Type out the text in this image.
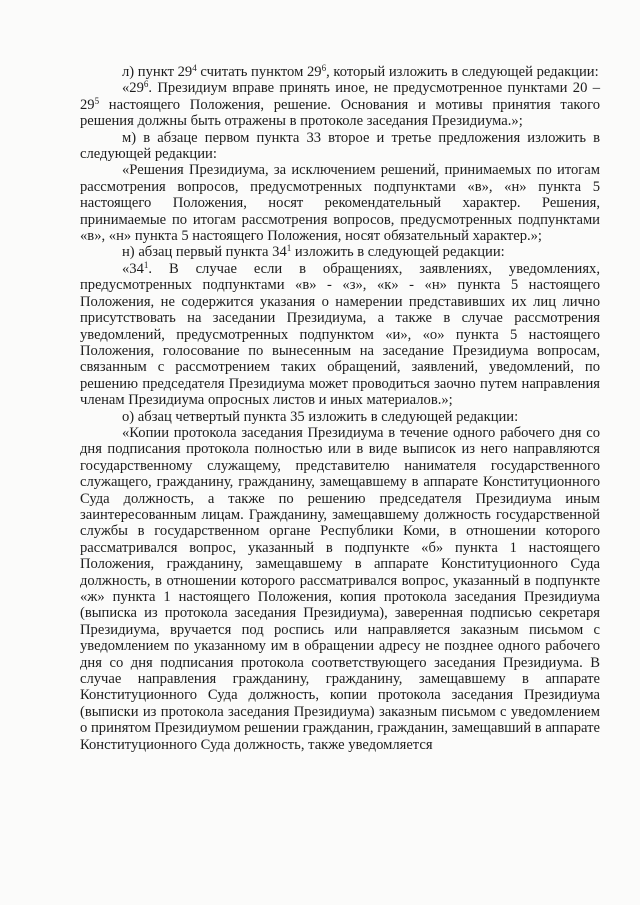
л) пункт $29^4$ считать пунктом $29^6$, который изложить в следующей редакции:

«$29^6$. Президиум вправе принять иное, не предусмотренное пунктами $20 - 29^5$ настоящего Положения, решение. Основания и мотивы принятия такого решения должны быть отражены в протоколе заседания Президиума.»;

м) в абзаце первом пункта 33 второе и третье предложения изложить в следующей редакции:

«Решения Президиума, за исключением решений, принимаемых по итогам рассмотрения вопросов, предусмотренных подпунктами «в», «н» пункта 5 настоящего Положения, носят рекомендательный характер. Решения, принимаемые по итогам рассмотрения вопросов, предусмотренных подпунктами «в», «н» пункта 5 настоящего Положения, носят обязательный характер.»;

н) абзац первый пункта $34^1$ изложить в следующей редакции:

«$34^1$. В случае если в обращениях, заявлениях, уведомлениях, предусмотренных подпунктами «в» - «з», «к» - «н» пункта 5 настоящего Положения, не содержится указания о намерении представивших их лиц лично присутствовать на заседании Президиума, а также в случае рассмотрения уведомлений, предусмотренных подпунктом «и», «о» пункта 5 настоящего Положения, голосование по вынесенным на заседание Президиума вопросам, связанным с рассмотрением таких обращений, заявлений, уведомлений, по решению председателя Президиума может проводиться заочно путем направления членам Президиума опросных листов и иных материалов.»;

о) абзац четвертый пункта 35 изложить в следующей редакции:

«Копии протокола заседания Президиума в течение одного рабочего дня со дня подписания протокола полностью или в виде выписок из него направляются государственному служащему, представителю нанимателя государственного служащего, гражданину, гражданину, замещавшему в аппарате Конституционного Суда должность, а также по решению председателя Президиума иным заинтересованным лицам. Гражданину, замещавшему должность государственной службы в государственном органе Республики Коми, в отношении которого рассматривался вопрос, указанный в подпункте «б» пункта 1 настоящего Положения, гражданину, замещавшему в аппарате Конституционного Суда должность, в отношении которого рассматривался вопрос, указанный в подпункте «ж» пункта 1 настоящего Положения, копия протокола заседания Президиума (выписка из протокола заседания Президиума), заверенная подписью секретаря Президиума, вручается под роспись или направляется заказным письмом с уведомлением по указанному им в обращении адресу не позднее одного рабочего дня со дня подписания протокола соответствующего заседания Президиума. В случае направления гражданину, гражданину, замещавшему в аппарате Конституционного Суда должность, копии протокола заседания Президиума (выписки из протокола заседания Президиума) заказным письмом с уведомлением о принятом Президиумом решении гражданин, гражданин, замещавший в аппарате Конституционного Суда должность, также уведомляется
